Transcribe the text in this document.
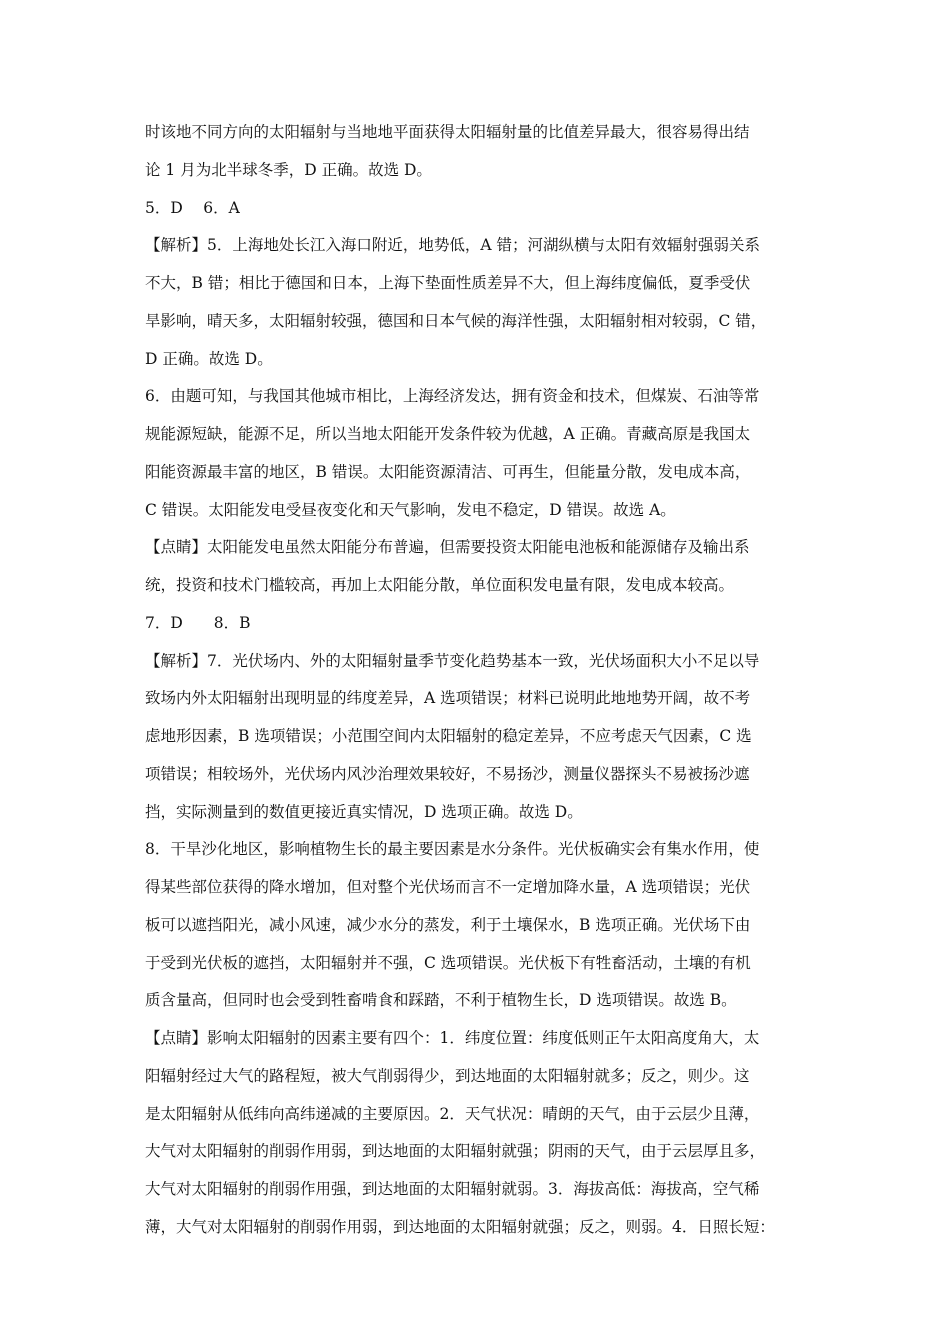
时该地不同方向的太阳辐射与当地地平面获得太阳辐射量的比值差异最大，很容易得出结
论 1 月为北半球冬季，D 正确。故选 D。
5．D　 6．A
【解析】5．上海地处长江入海口附近，地势低，A 错；河湖纵横与太阳有效辐射强弱关系
不大，B 错；相比于德国和日本，上海下垫面性质差异不大，但上海纬度偏低，夏季受伏
旱影响，晴天多，太阳辐射较强，德国和日本气候的海洋性强，太阳辐射相对较弱，C 错，
D 正确。故选 D。
6．由题可知，与我国其他城市相比，上海经济发达，拥有资金和技术，但煤炭、石油等常
规能源短缺，能源不足，所以当地太阳能开发条件较为优越，A 正确。青藏高原是我国太
阳能资源最丰富的地区，B 错误。太阳能资源清洁、可再生，但能量分散，发电成本高，
C 错误。太阳能发电受昼夜变化和天气影响，发电不稳定，D 错误。故选 A。
【点睛】太阳能发电虽然太阳能分布普遍，但需要投资太阳能电池板和能源储存及输出系
统，投资和技术门槛较高，再加上太阳能分散，单位面积发电量有限，发电成本较高。
7．D　　8．B
【解析】7．光伏场内、外的太阳辐射量季节变化趋势基本一致，光伏场面积大小不足以导
致场内外太阳辐射出现明显的纬度差异，A 选项错误；材料已说明此地地势开阔，故不考
虑地形因素，B 选项错误；小范围空间内太阳辐射的稳定差异，不应考虑天气因素，C 选
项错误；相较场外，光伏场内风沙治理效果较好，不易扬沙，测量仪器探头不易被扬沙遮
挡，实际测量到的数值更接近真实情况，D 选项正确。故选 D。
8．干旱沙化地区，影响植物生长的最主要因素是水分条件。光伏板确实会有集水作用，使
得某些部位获得的降水增加，但对整个光伏场而言不一定增加降水量，A 选项错误；光伏
板可以遮挡阳光，减小风速，减少水分的蒸发，利于土壤保水，B 选项正确。光伏场下由
于受到光伏板的遮挡，太阳辐射并不强，C 选项错误。光伏板下有牲畜活动，土壤的有机
质含量高，但同时也会受到牲畜啃食和踩踏，不利于植物生长，D 选项错误。故选 B。
【点睛】影响太阳辐射的因素主要有四个：1．纬度位置：纬度低则正午太阳高度角大，太
阳辐射经过大气的路程短，被大气削弱得少，到达地面的太阳辐射就多；反之，则少。这
是太阳辐射从低纬向高纬递减的主要原因。2．天气状况：晴朗的天气，由于云层少且薄，
大气对太阳辐射的削弱作用弱，到达地面的太阳辐射就强；阴雨的天气，由于云层厚且多，
大气对太阳辐射的削弱作用强，到达地面的太阳辐射就弱。3．海拔高低：海拔高，空气稀
薄，大气对太阳辐射的削弱作用弱，到达地面的太阳辐射就强；反之，则弱。4．日照长短：
